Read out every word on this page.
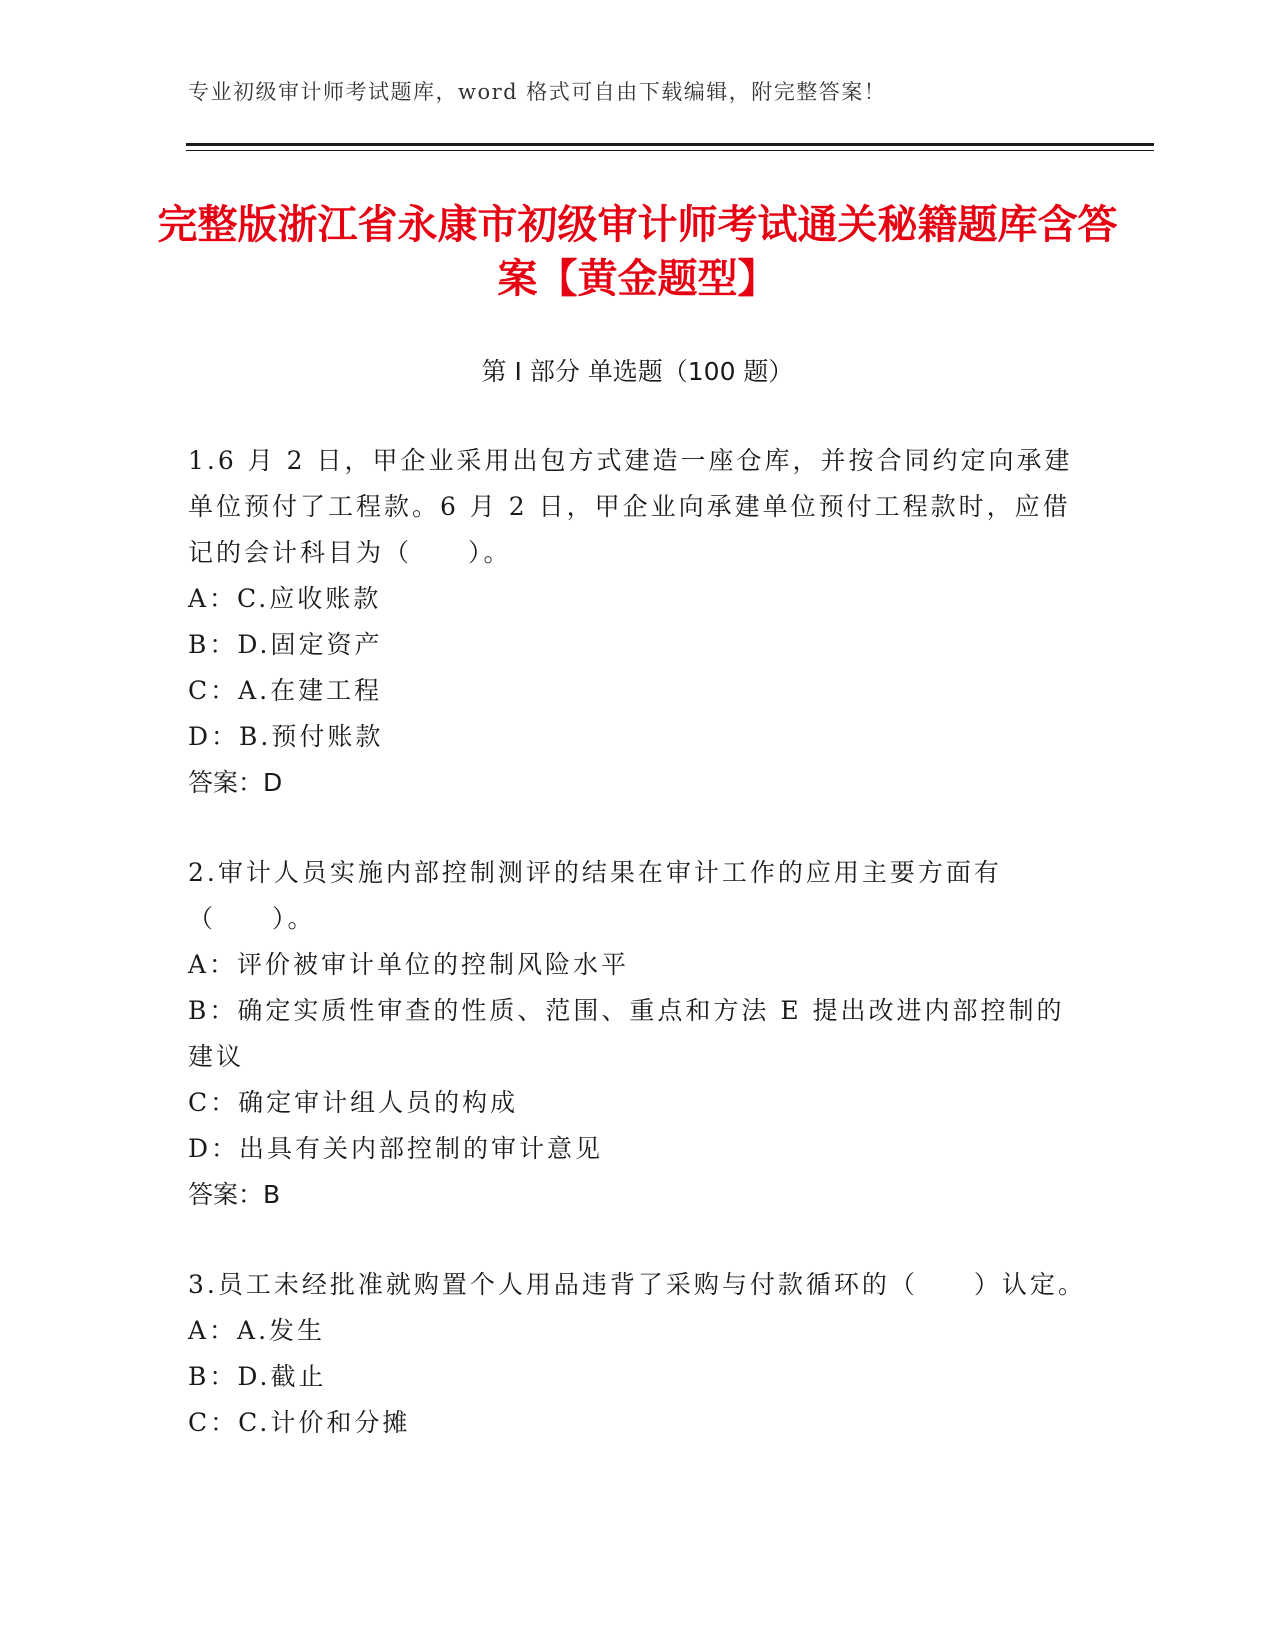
专业初级审计师考试题库，word 格式可自由下载编辑，附完整答案！
完整版浙江省永康市初级审计师考试通关秘籍题库含答案【黄金题型】
第 I 部分 单选题（100 题）

1.6 月 2 日，甲企业采用出包方式建造一座仓库，并按合同约定向承建单位预付了工程款。6 月 2 日，甲企业向承建单位预付工程款时，应借记的会计科目为（　　）。

A：C.应收账款

B：D.固定资产

C：A.在建工程

D：B.预付账款

答案：D

2.审计人员实施内部控制测评的结果在审计工作的应用主要方面有（　　）。

A：评价被审计单位的控制风险水平

B：确定实质性审查的性质、范围、重点和方法 E 提出改进内部控制的建议

C：确定审计组人员的构成

D：出具有关内部控制的审计意见

答案：B

3.员工未经批准就购置个人用品违背了采购与付款循环的（　　）认定。

A：A.发生

B：D.截止

C：C.计价和分摊
